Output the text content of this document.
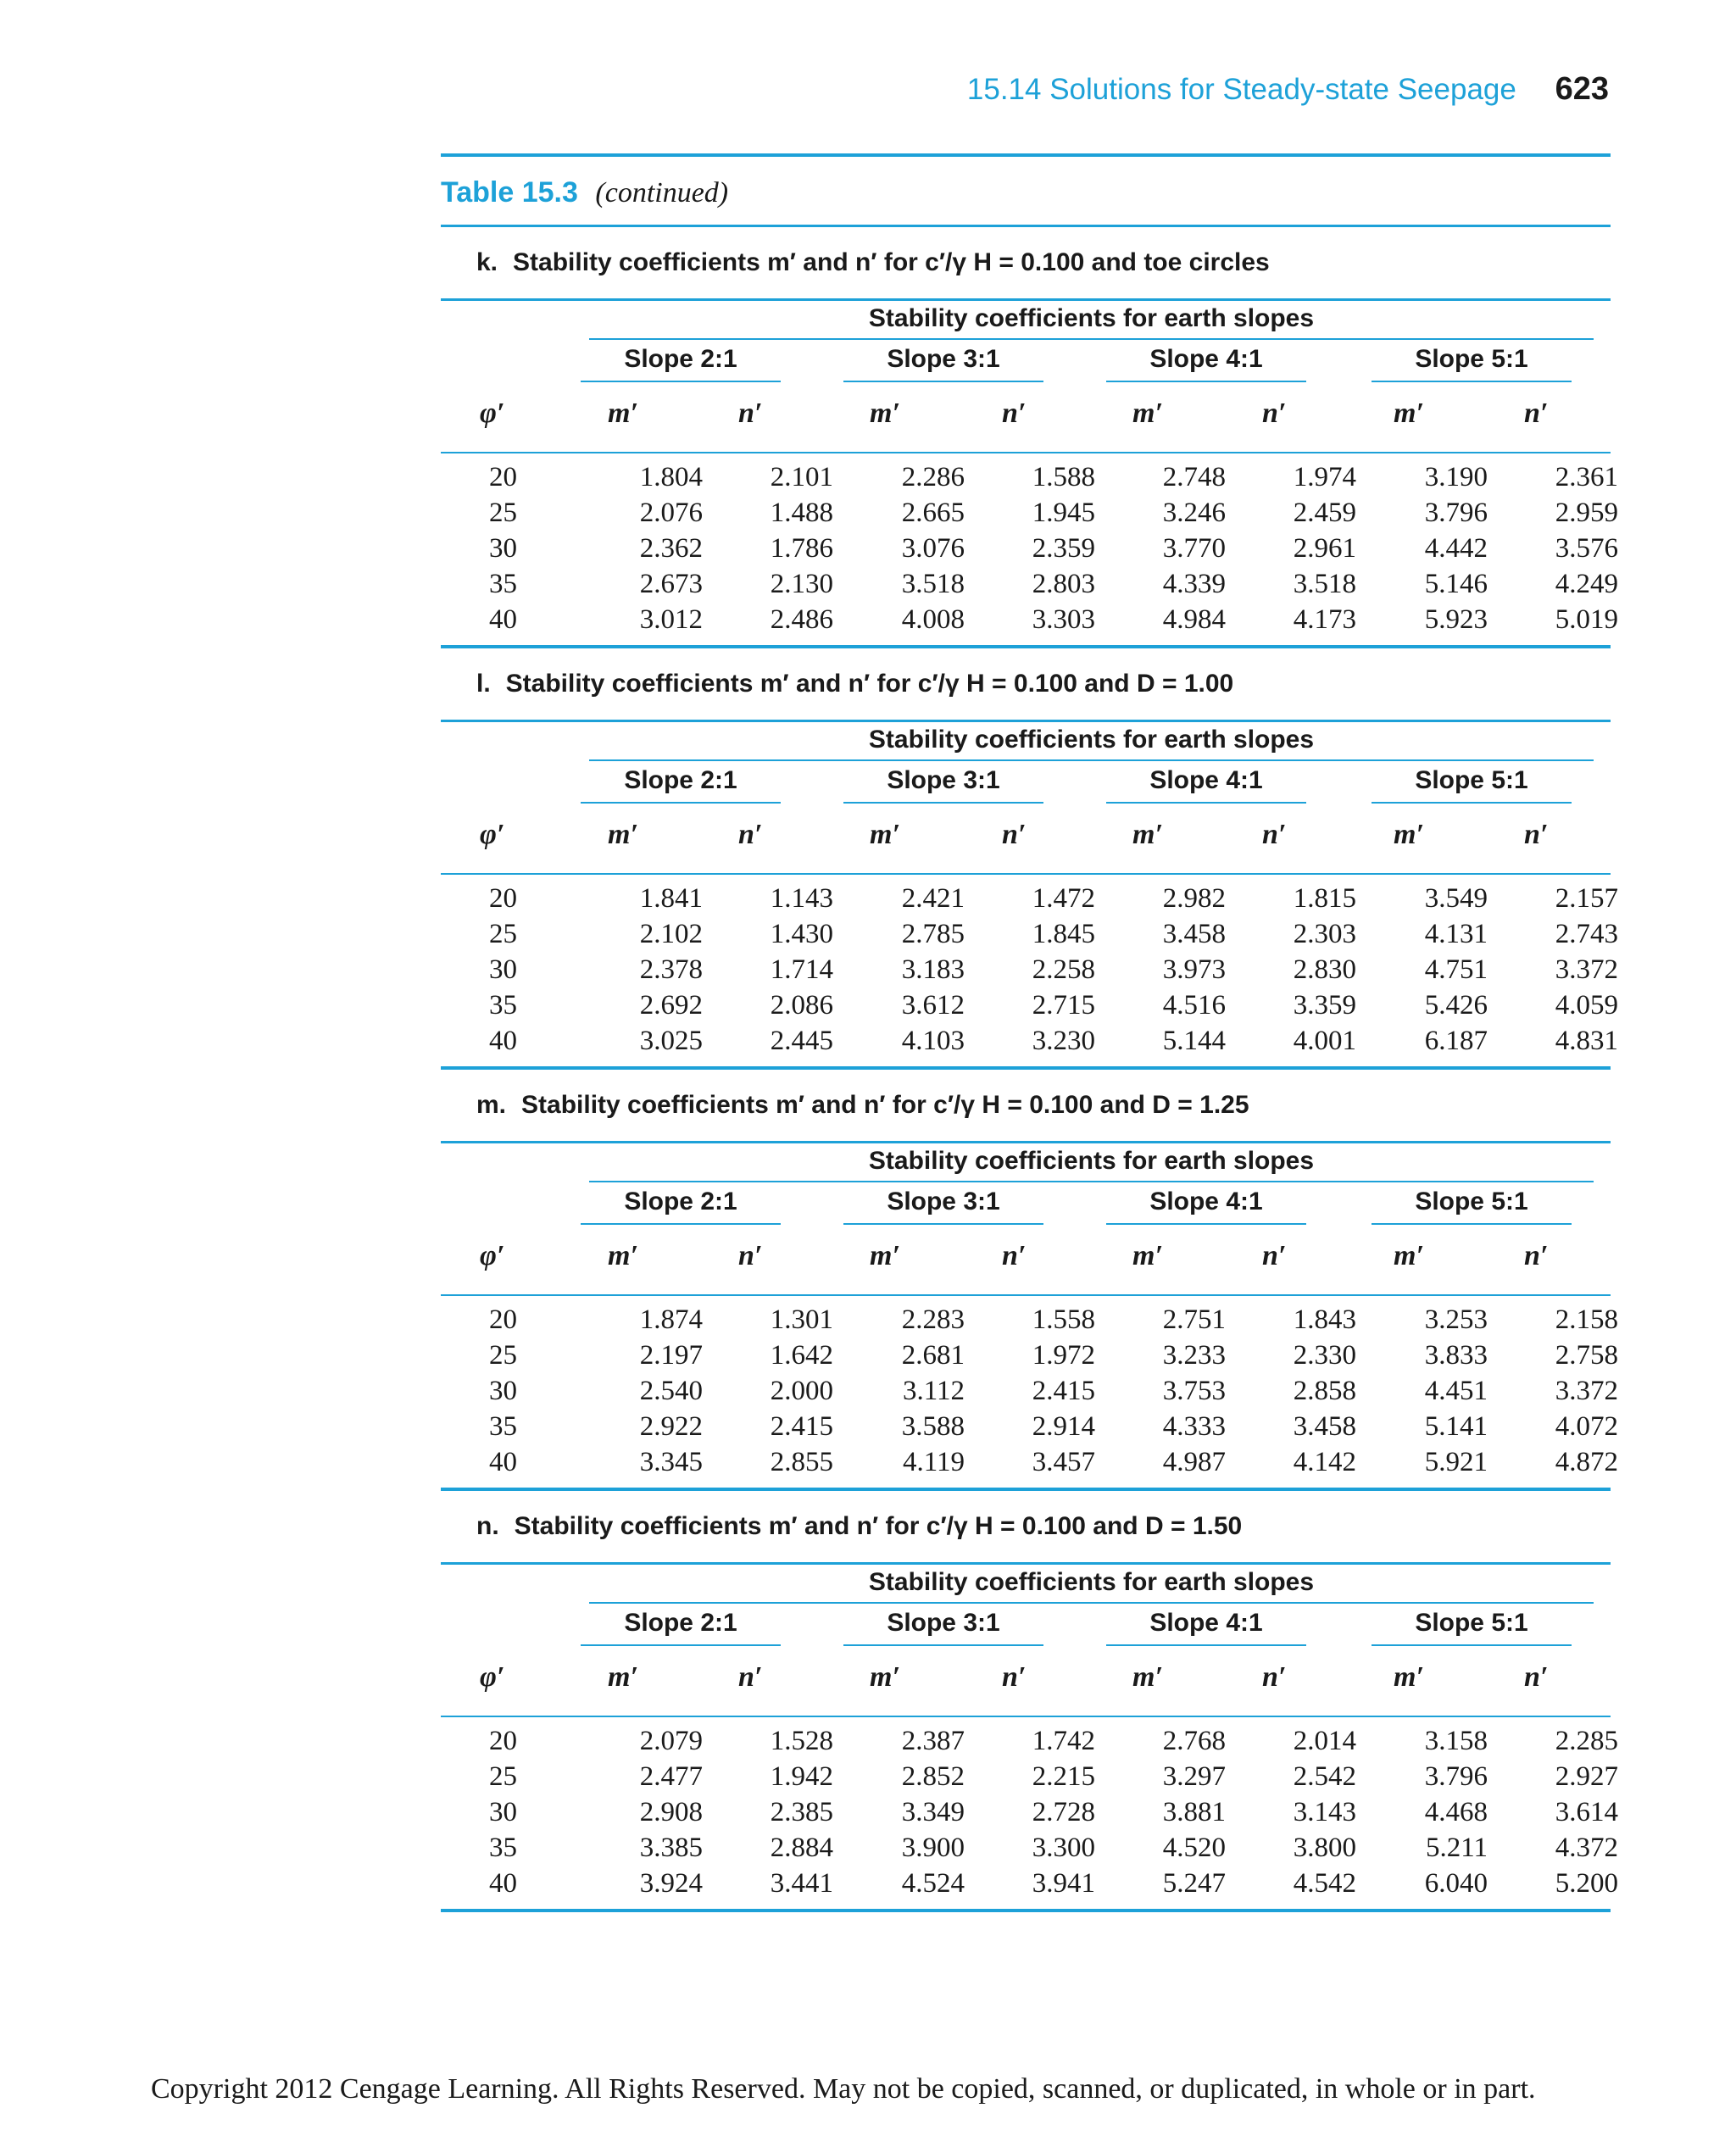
15.14 Solutions for Steady-state Seepage 623
Table 15.3 (continued)
k. Stability coefficients m′ and n′ for c′/γ H = 0.100 and toe circles
Stability coefficients for earth slopes
Slope 2:1	Slope 3:1	Slope 4:1	Slope 5:1
φ′	m′	n′	m′	n′	m′	n′	m′	n′
20	1.804	2.101	2.286	1.588	2.748	1.974	3.190	2.361
25	2.076	1.488	2.665	1.945	3.246	2.459	3.796	2.959
30	2.362	1.786	3.076	2.359	3.770	2.961	4.442	3.576
35	2.673	2.130	3.518	2.803	4.339	3.518	5.146	4.249
40	3.012	2.486	4.008	3.303	4.984	4.173	5.923	5.019
l. Stability coefficients m′ and n′ for c′/γ H = 0.100 and D = 1.00
Stability coefficients for earth slopes
Slope 2:1	Slope 3:1	Slope 4:1	Slope 5:1
φ′	m′	n′	m′	n′	m′	n′	m′	n′
20	1.841	1.143	2.421	1.472	2.982	1.815	3.549	2.157
25	2.102	1.430	2.785	1.845	3.458	2.303	4.131	2.743
30	2.378	1.714	3.183	2.258	3.973	2.830	4.751	3.372
35	2.692	2.086	3.612	2.715	4.516	3.359	5.426	4.059
40	3.025	2.445	4.103	3.230	5.144	4.001	6.187	4.831
m. Stability coefficients m′ and n′ for c′/γ H = 0.100 and D = 1.25
Stability coefficients for earth slopes
Slope 2:1	Slope 3:1	Slope 4:1	Slope 5:1
φ′	m′	n′	m′	n′	m′	n′	m′	n′
20	1.874	1.301	2.283	1.558	2.751	1.843	3.253	2.158
25	2.197	1.642	2.681	1.972	3.233	2.330	3.833	2.758
30	2.540	2.000	3.112	2.415	3.753	2.858	4.451	3.372
35	2.922	2.415	3.588	2.914	4.333	3.458	5.141	4.072
40	3.345	2.855	4.119	3.457	4.987	4.142	5.921	4.872
n. Stability coefficients m′ and n′ for c′/γ H = 0.100 and D = 1.50
Stability coefficients for earth slopes
Slope 2:1	Slope 3:1	Slope 4:1	Slope 5:1
φ′	m′	n′	m′	n′	m′	n′	m′	n′
20	2.079	1.528	2.387	1.742	2.768	2.014	3.158	2.285
25	2.477	1.942	2.852	2.215	3.297	2.542	3.796	2.927
30	2.908	2.385	3.349	2.728	3.881	3.143	4.468	3.614
35	3.385	2.884	3.900	3.300	4.520	3.800	5.211	4.372
40	3.924	3.441	4.524	3.941	5.247	4.542	6.040	5.200
Copyright 2012 Cengage Learning. All Rights Reserved. May not be copied, scanned, or duplicated, in whole or in part.
